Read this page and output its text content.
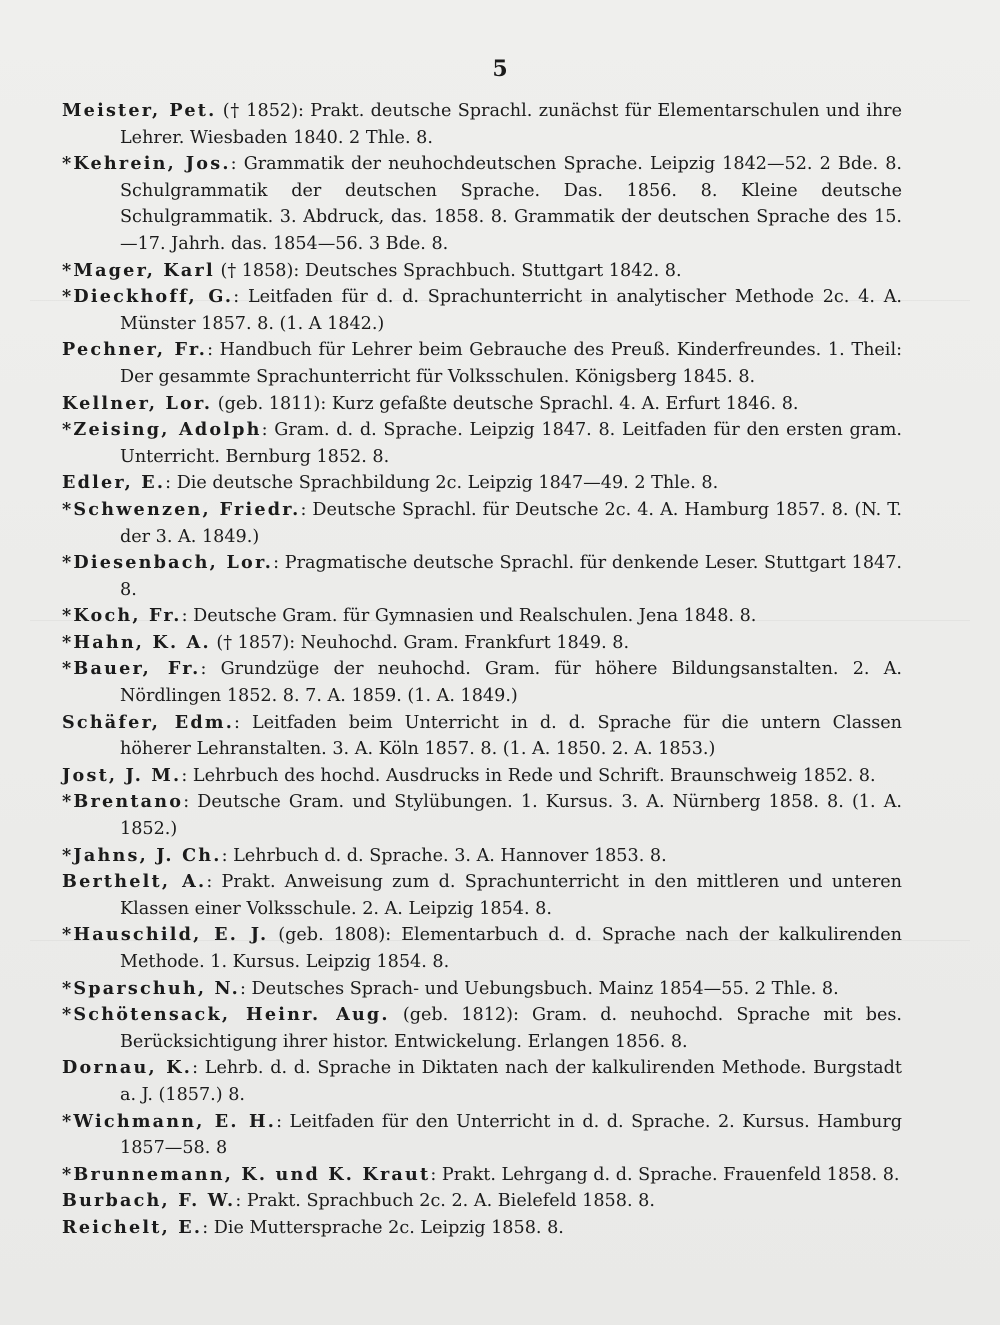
5

Meister, Pet. († 1852): Prakt. deutsche Sprachl. zunächst für Elementarschulen und ihre Lehrer. Wiesbaden 1840. 2 Thle. 8.

*Kehrein, Jos.: Grammatik der neuhochdeutschen Sprache. Leipzig 1842—52. 2 Bde. 8. Schulgrammatik der deutschen Sprache. Das. 1856. 8. Kleine deutsche Schulgrammatik. 3. Abdruck, das. 1858. 8. Grammatik der deutschen Sprache des 15.—17. Jahrh. das. 1854—56. 3 Bde. 8.

*Mager, Karl († 1858): Deutsches Sprachbuch. Stuttgart 1842. 8.

*Dieckhoff, G.: Leitfaden für d. d. Sprachunterricht in analytischer Methode 2c. 4. A. Münster 1857. 8. (1. A 1842.)

Pechner, Fr.: Handbuch für Lehrer beim Gebrauche des Preuß. Kinderfreundes. 1. Theil: Der gesammte Sprachunterricht für Volksschulen. Königsberg 1845. 8.

Kellner, Lor. (geb. 1811): Kurz gefaßte deutsche Sprachl. 4. A. Erfurt 1846. 8.

*Zeising, Adolph: Gram. d. d. Sprache. Leipzig 1847. 8. Leitfaden für den ersten gram. Unterricht. Bernburg 1852. 8.

Edler, E.: Die deutsche Sprachbildung 2c. Leipzig 1847—49. 2 Thle. 8.

*Schwenzen, Friedr.: Deutsche Sprachl. für Deutsche 2c. 4. A. Hamburg 1857. 8. (N. T. der 3. A. 1849.)

*Diesenbach, Lor.: Pragmatische deutsche Sprachl. für denkende Leser. Stuttgart 1847. 8.

*Koch, Fr.: Deutsche Gram. für Gymnasien und Realschulen. Jena 1848. 8.

*Hahn, K. A. († 1857): Neuhochd. Gram. Frankfurt 1849. 8.

*Bauer, Fr.: Grundzüge der neuhochd. Gram. für höhere Bildungsanstalten. 2. A. Nördlingen 1852. 8. 7. A. 1859. (1. A. 1849.)

Schäfer, Edm.: Leitfaden beim Unterricht in d. d. Sprache für die untern Classen höherer Lehranstalten. 3. A. Köln 1857. 8. (1. A. 1850. 2. A. 1853.)

Jost, J. M.: Lehrbuch des hochd. Ausdrucks in Rede und Schrift. Braunschweig 1852. 8.

*Brentano: Deutsche Gram. und Stylübungen. 1. Kursus. 3. A. Nürnberg 1858. 8. (1. A. 1852.)

*Jahns, J. Ch.: Lehrbuch d. d. Sprache. 3. A. Hannover 1853. 8.

Berthelt, A.: Prakt. Anweisung zum d. Sprachunterricht in den mittleren und unteren Klassen einer Volksschule. 2. A. Leipzig 1854. 8.

*Hauschild, E. J. (geb. 1808): Elementarbuch d. d. Sprache nach der kalkulirenden Methode. 1. Kursus. Leipzig 1854. 8.

*Sparschuh, N.: Deutsches Sprach- und Uebungsbuch. Mainz 1854—55. 2 Thle. 8.

*Schötensack, Heinr. Aug. (geb. 1812): Gram. d. neuhochd. Sprache mit bes. Berücksichtigung ihrer histor. Entwickelung. Erlangen 1856. 8.

Dornau, K.: Lehrb. d. d. Sprache in Diktaten nach der kalkulirenden Methode. Burgstadt a. J. (1857.) 8.

*Wichmann, E. H.: Leitfaden für den Unterricht in d. d. Sprache. 2. Kursus. Hamburg 1857—58. 8

*Brunnemann, K. und K. Kraut: Prakt. Lehrgang d. d. Sprache. Frauenfeld 1858. 8.

Burbach, F. W.: Prakt. Sprachbuch 2c. 2. A. Bielefeld 1858. 8.

Reichelt, E.: Die Muttersprache 2c. Leipzig 1858. 8.
